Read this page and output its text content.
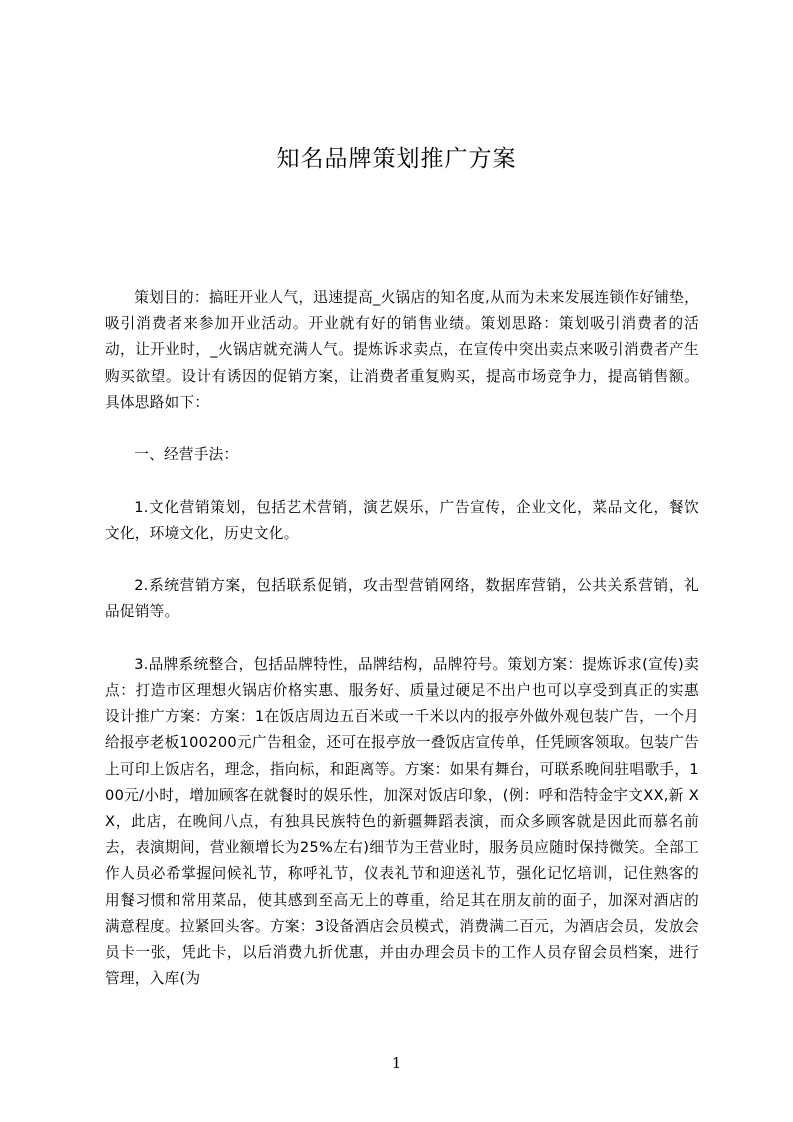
知名品牌策划推广方案

策划目的：搞旺开业人气，迅速提高_火锅店的知名度,从而为未来发展连锁作好铺垫，吸引消费者来参加开业活动。开业就有好的销售业绩。策划思路：策划吸引消费者的活动，让开业时，_火锅店就充满人气。提炼诉求卖点，在宣传中突出卖点来吸引消费者产生购买欲望。设计有诱因的促销方案，让消费者重复购买，提高市场竞争力，提高销售额。具体思路如下：

一、经营手法：

1.文化营销策划，包括艺术营销，演艺娱乐，广告宣传，企业文化，菜品文化，餐饮文化，环境文化，历史文化。

2.系统营销方案，包括联系促销，攻击型营销网络，数据库营销，公共关系营销，礼品促销等。

3.品牌系统整合，包括品牌特性，品牌结构，品牌符号。策划方案：提炼诉求(宣传)卖点：打造市区理想火锅店价格实惠、服务好、质量过硬足不出户也可以享受到真正的实惠设计推广方案：方案：1在饭店周边五百米或一千米以内的报亭外做外观包装广告，一个月给报亭老板100200元广告租金，还可在报亭放一叠饭店宣传单，任凭顾客领取。包装广告上可印上饭店名，理念，指向标，和距离等。方案：如果有舞台，可联系晚间驻唱歌手，100元/小时，增加顾客在就餐时的娱乐性，加深对饭店印象，(例：呼和浩特金宇文XX,新 XX，此店，在晚间八点，有独具民族特色的新疆舞蹈表演，而众多顾客就是因此而慕名前去，表演期间，营业额增长为25%左右)细节为王营业时，服务员应随时保持微笑。全部工作人员必希掌握问候礼节，称呼礼节，仪表礼节和迎送礼节，强化记忆培训，记住熟客的用餐习惯和常用菜品，使其感到至高无上的尊重，给足其在朋友前的面子，加深对酒店的满意程度。拉紧回头客。方案：3设备酒店会员模式，消费满二百元，为酒店会员，发放会员卡一张，凭此卡，以后消费九折优惠，并由办理会员卡的工作人员存留会员档案，进行管理，入库(为

1
